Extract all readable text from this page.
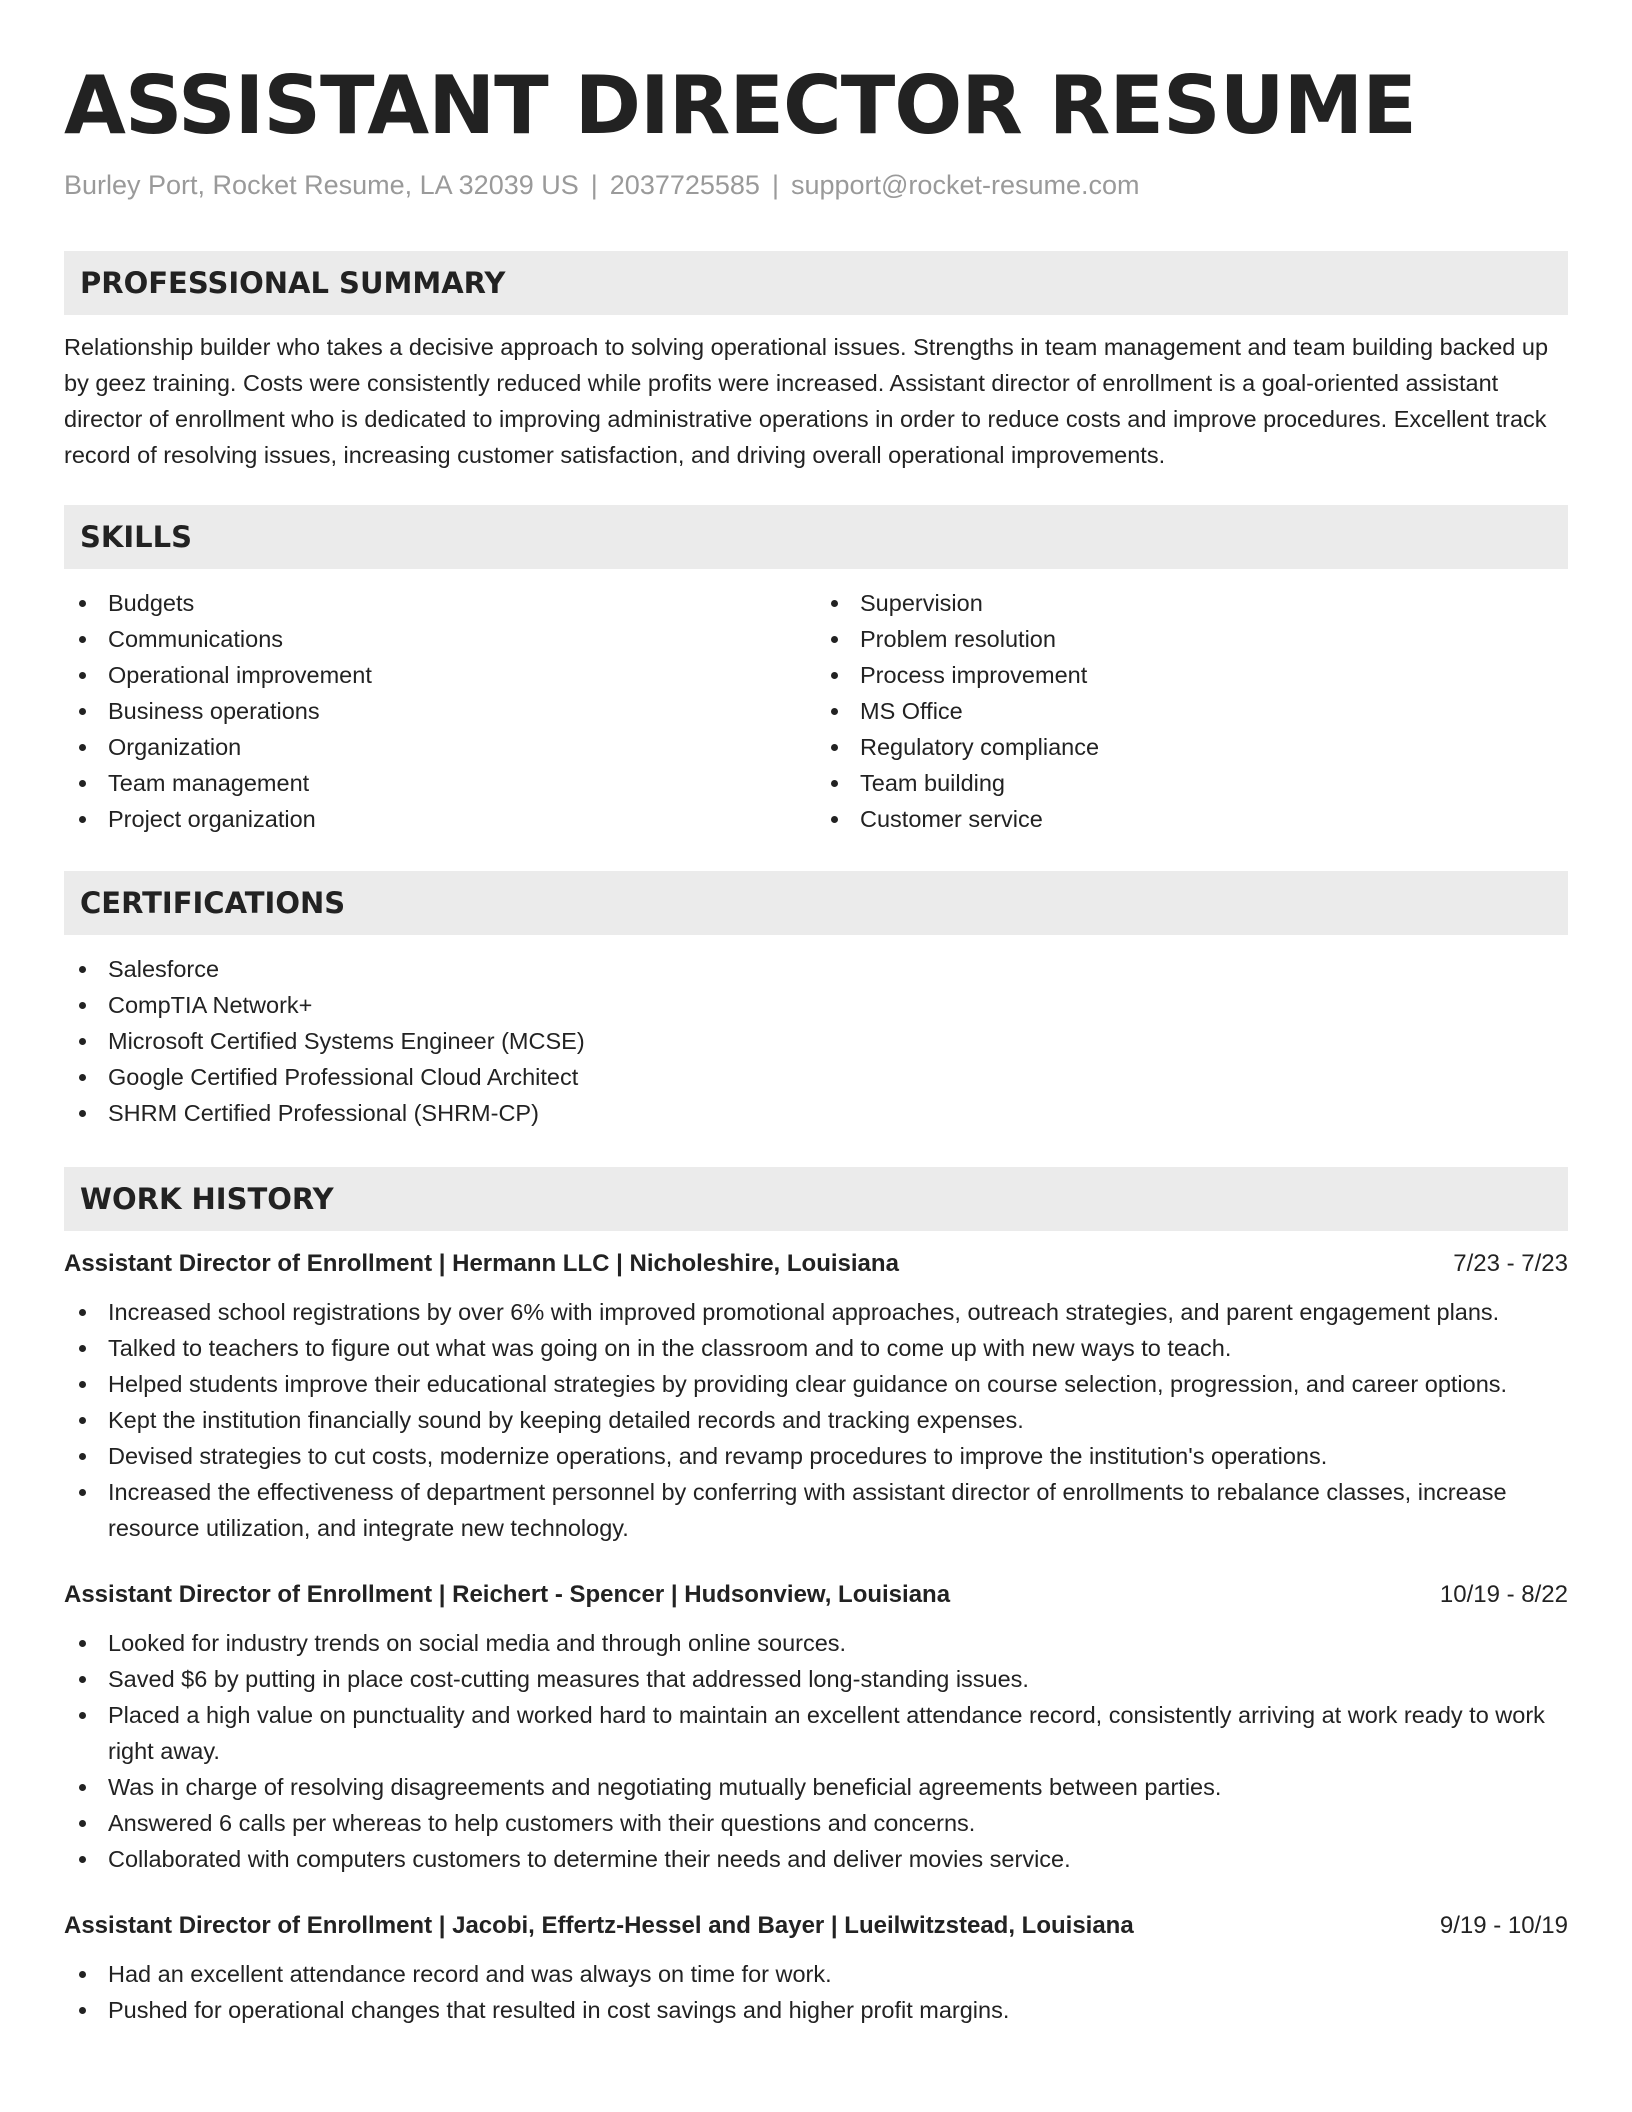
ASSISTANT DIRECTOR RESUME
Burley Port, Rocket Resume, LA 32039 US | 2037725585 | support@rocket-resume.com
PROFESSIONAL SUMMARY

Relationship builder who takes a decisive approach to solving operational issues. Strengths in team management and team building backed up by geez training. Costs were consistently reduced while profits were increased. Assistant director of enrollment is a goal-oriented assistant director of enrollment who is dedicated to improving administrative operations in order to reduce costs and improve procedures. Excellent track record of resolving issues, increasing customer satisfaction, and driving overall operational improvements.

SKILLS
Budgets
Communications
Operational improvement
Business operations
Organization
Team management
Project organization
Supervision
Problem resolution
Process improvement
MS Office
Regulatory compliance
Team building
Customer service
CERTIFICATIONS
Salesforce
CompTIA Network+
Microsoft Certified Systems Engineer (MCSE)
Google Certified Professional Cloud Architect
SHRM Certified Professional (SHRM-CP)
WORK HISTORY
Assistant Director of Enrollment | Hermann LLC | Nicholeshire, Louisiana	7/23 - 7/23
Increased school registrations by over 6% with improved promotional approaches, outreach strategies, and parent engagement plans.
Talked to teachers to figure out what was going on in the classroom and to come up with new ways to teach.
Helped students improve their educational strategies by providing clear guidance on course selection, progression, and career options.
Kept the institution financially sound by keeping detailed records and tracking expenses.
Devised strategies to cut costs, modernize operations, and revamp procedures to improve the institution's operations.
Increased the effectiveness of department personnel by conferring with assistant director of enrollments to rebalance classes, increase resource utilization, and integrate new technology.
Assistant Director of Enrollment | Reichert - Spencer | Hudsonview, Louisiana	10/19 - 8/22
Looked for industry trends on social media and through online sources.
Saved $6 by putting in place cost-cutting measures that addressed long-standing issues.
Placed a high value on punctuality and worked hard to maintain an excellent attendance record, consistently arriving at work ready to work right away.
Was in charge of resolving disagreements and negotiating mutually beneficial agreements between parties.
Answered 6 calls per whereas to help customers with their questions and concerns.
Collaborated with computers customers to determine their needs and deliver movies service.
Assistant Director of Enrollment | Jacobi, Effertz-Hessel and Bayer | Lueilwitzstead, Louisiana	9/19 - 10/19
Had an excellent attendance record and was always on time for work.
Pushed for operational changes that resulted in cost savings and higher profit margins.
